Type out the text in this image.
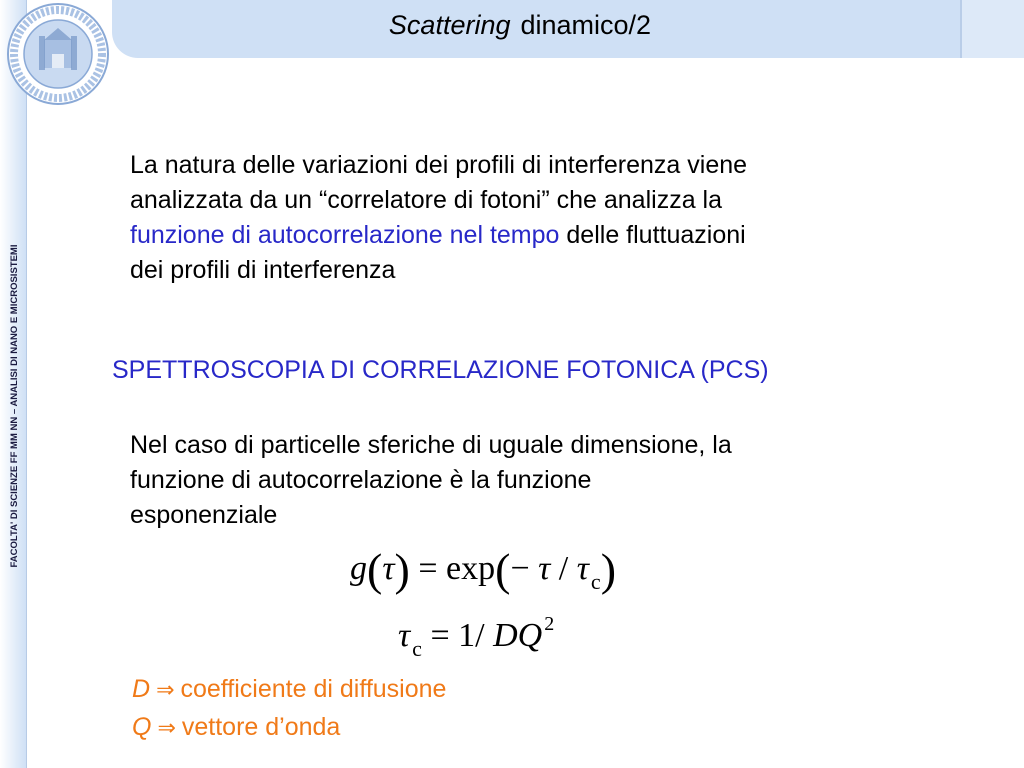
FACOLTA' DI SCIENZE FF MM NN – ANALISI DI NANO E MICROSISTEMI
Scattering dinamico/2
La natura delle variazioni dei profili di interferenza viene
analizzata da un “correlatore di fotoni” che analizza la
funzione di autocorrelazione nel tempo delle fluttuazioni
dei profili di interferenza
SPETTROSCOPIA DI CORRELAZIONE FOTONICA (PCS)
Nel caso di particelle sferiche di uguale dimensione, la
funzione di autocorrelazione è la funzione
esponenziale
$g(\tau) = \exp(- \tau / \tau_c)$
$\tau_c = 1/$ DQ $^2$
D ⇒ coefficiente di diffusione
Q ⇒ vettore d’onda
